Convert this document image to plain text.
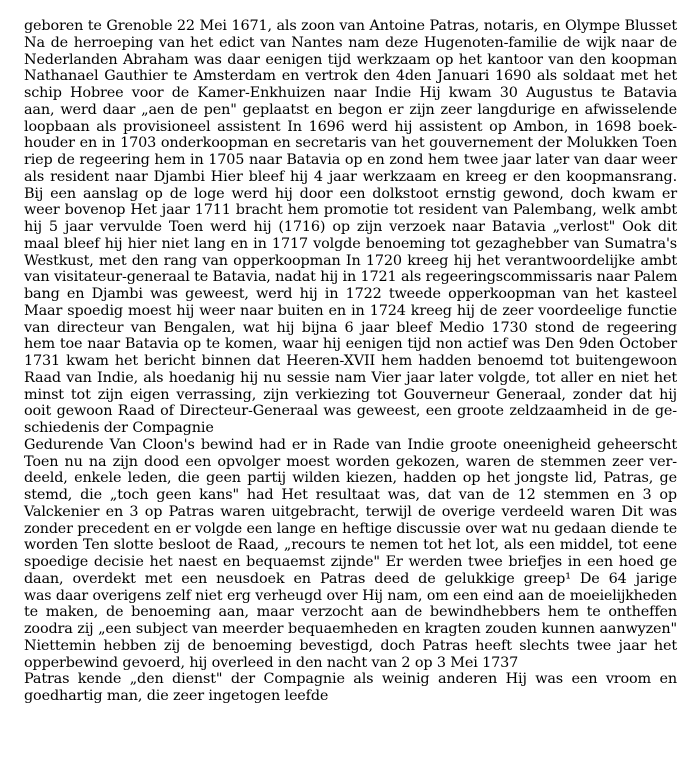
geboren te Grenoble 22 Mei 1671, als zoon van Antoine Patras, notaris, en Olympe Blusset
Na de herroeping van het edict van Nantes nam deze Hugenoten-familie de wijk naar de
Nederlanden Abraham was daar eenigen tijd werkzaam op het kantoor van den koopman
Nathanael Gauthier te Amsterdam en vertrok den 4den Januari 1690 als soldaat met het
schip Hobree voor de Kamer-Enkhuizen naar Indie Hij kwam 30 Augustus te Batavia
aan, werd daar „aen de pen" geplaatst en begon er zijn zeer langdurige en afwisselende
loopbaan als provisioneel assistent In 1696 werd hij assistent op Ambon, in 1698 boek-
houder en in 1703 onderkoopman en secretaris van het gouvernement der Molukken Toen
riep de regeering hem in 1705 naar Batavia op en zond hem twee jaar later van daar weer
als resident naar Djambi Hier bleef hij 4 jaar werkzaam en kreeg er den koopmansrang.
Bij een aanslag op de loge werd hij door een dolkstoot ernstig gewond, doch kwam er
weer bovenop Het jaar 1711 bracht hem promotie tot resident van Palembang, welk ambt
hij 5 jaar vervulde Toen werd hij (1716) op zijn verzoek naar Batavia „verlost" Ook dit
maal bleef hij hier niet lang en in 1717 volgde benoeming tot gezaghebber van Sumatra's
Westkust, met den rang van opperkoopman In 1720 kreeg hij het verantwoordelijke ambt
van visitateur-generaal te Batavia, nadat hij in 1721 als regeeringscommissaris naar Palem
bang en Djambi was geweest, werd hij in 1722 tweede opperkoopman van het kasteel
Maar spoedig moest hij weer naar buiten en in 1724 kreeg hij de zeer voordeelige functie
van directeur van Bengalen, wat hij bijna 6 jaar bleef Medio 1730 stond de regeering
hem toe naar Batavia op te komen, waar hij eenigen tijd non actief was Den 9den October
1731 kwam het bericht binnen dat Heeren-XVII hem hadden benoemd tot buitengewoon
Raad van Indie, als hoedanig hij nu sessie nam Vier jaar later volgde, tot aller en niet het
minst tot zijn eigen verrassing, zijn verkiezing tot Gouverneur Generaal, zonder dat hij
ooit gewoon Raad of Directeur-Generaal was geweest, een groote zeldzaamheid in de ge-
schiedenis der Compagnie
Gedurende Van Cloon's bewind had er in Rade van Indie groote oneenigheid geheerscht
Toen nu na zijn dood een opvolger moest worden gekozen, waren de stemmen zeer ver-
deeld, enkele leden, die geen partij wilden kiezen, hadden op het jongste lid, Patras, ge
stemd, die „toch geen kans" had Het resultaat was, dat van de 12 stemmen en 3 op
Valckenier en 3 op Patras waren uitgebracht, terwijl de overige verdeeld waren Dit was
zonder precedent en er volgde een lange en heftige discussie over wat nu gedaan diende te
worden Ten slotte besloot de Raad, „recours te nemen tot het lot, als een middel, tot eene
spoedige decisie het naest en bequaemst zijnde" Er werden twee briefjes in een hoed ge
daan, overdekt met een neusdoek en Patras deed de gelukkige greep¹ De 64 jarige
was daar overigens zelf niet erg verheugd over Hij nam, om een eind aan de moeielijkheden
te maken, de benoeming aan, maar verzocht aan de bewindhebbers hem te ontheffen
zoodra zij „een subject van meerder bequaemheden en kragten zouden kunnen aanwyzen"
Niettemin hebben zij de benoeming bevestigd, doch Patras heeft slechts twee jaar het
opperbewind gevoerd, hij overleed in den nacht van 2 op 3 Mei 1737
Patras kende „den dienst" der Compagnie als weinig anderen Hij was een vroom en
goedhartig man, die zeer ingetogen leefde
